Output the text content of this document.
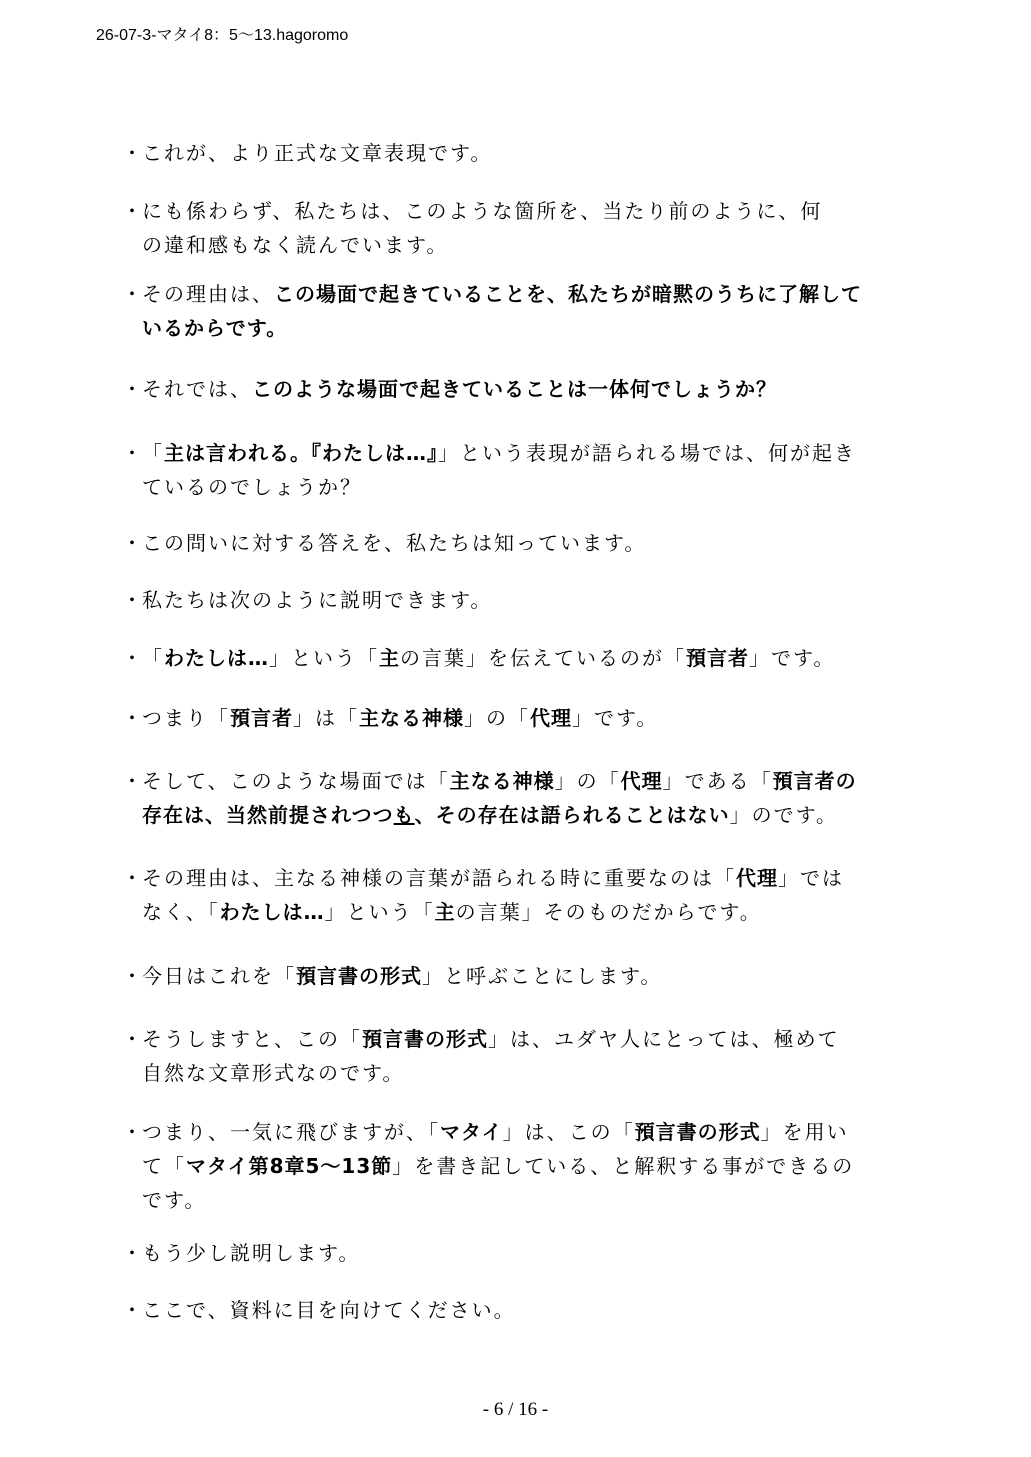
26-07-3-マタイ8：5〜13.hagoromo
・ これが、より正式な文章表現です。
・ にも係わらず、私たちは、このような箇所を、当たり前のように、何
の違和感もなく読んでいます。
・ その理由は、この場面で起きていることを、私たちが暗黙のうちに了解して
いるからです。
・ それでは、このような場面で起きていることは一体何でしょうか？
・ 「主は言われる。『わたしは…』」という表現が語られる場では、何が起き
ているのでしょうか？
・ この問いに対する答えを、私たちは知っています。
・ 私たちは次のように説明できます。
・ 「わたしは…」という「主の言葉」を伝えているのが「預言者」です。
・ つまり「預言者」は「主なる神様」の「代理」です。
・ そして、このような場面では「主なる神様」の「代理」である「預言者の
存在は、当然前提されつつも、その存在は語られることはない」のです。
・ その理由は、主なる神様の言葉が語られる時に重要なのは「代理」では
なく、「わたしは…」という「主の言葉」そのものだからです。
・ 今日はこれを「預言書の形式」と呼ぶことにします。
・ そうしますと、この「預言書の形式」は、ユダヤ人にとっては、極めて
自然な文章形式なのです。
・ つまり、一気に飛びますが、「マタイ」は、この「預言書の形式」を用い
て「マタイ第8章5〜13節」を書き記している、と解釈する事ができるの
です。
・ もう少し説明します。
・ ここで、資料に目を向けてください。
- 6 / 16 -
